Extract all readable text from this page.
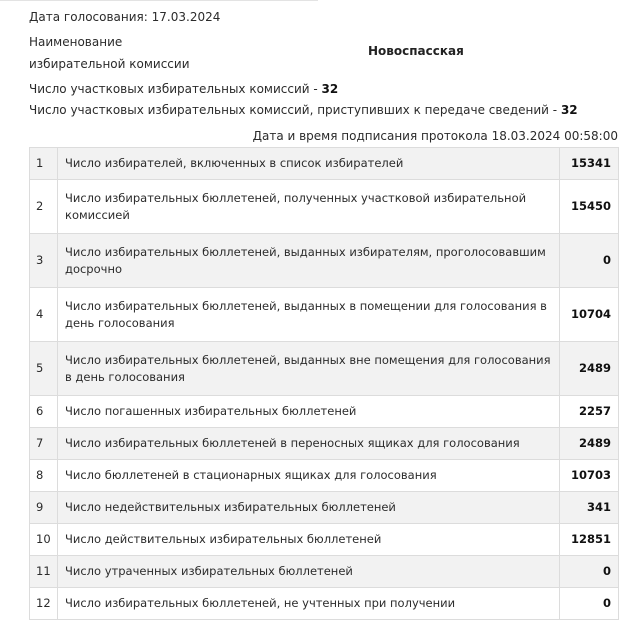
Дата голосования: 17.03.2024
Наименование
избирательной комиссии
Новоспасская
Число участковых избирательных комиссий - 32
Число участковых избирательных комиссий, приступивших к передаче сведений - 32
Дата и время подписания протокола 18.03.2024 00:58:00
1	Число избирателей, включенных в список избирателей	15341
2	Число избирательных бюллетеней, полученных участковой избирательной комиссией	15450
3	Число избирательных бюллетеней, выданных избирателям, проголосовавшим досрочно	0
4	Число избирательных бюллетеней, выданных в помещении для голосования в день голосования	10704
5	Число избирательных бюллетеней, выданных вне помещения для голосования в день голосования	2489
6	Число погашенных избирательных бюллетеней	2257
7	Число избирательных бюллетеней в переносных ящиках для голосования	2489
8	Число бюллетеней в стационарных ящиках для голосования	10703
9	Число недействительных избирательных бюллетеней	341
10	Число действительных избирательных бюллетеней	12851
11	Число утраченных избирательных бюллетеней	0
12	Число избирательных бюллетеней, не учтенных при получении	0
